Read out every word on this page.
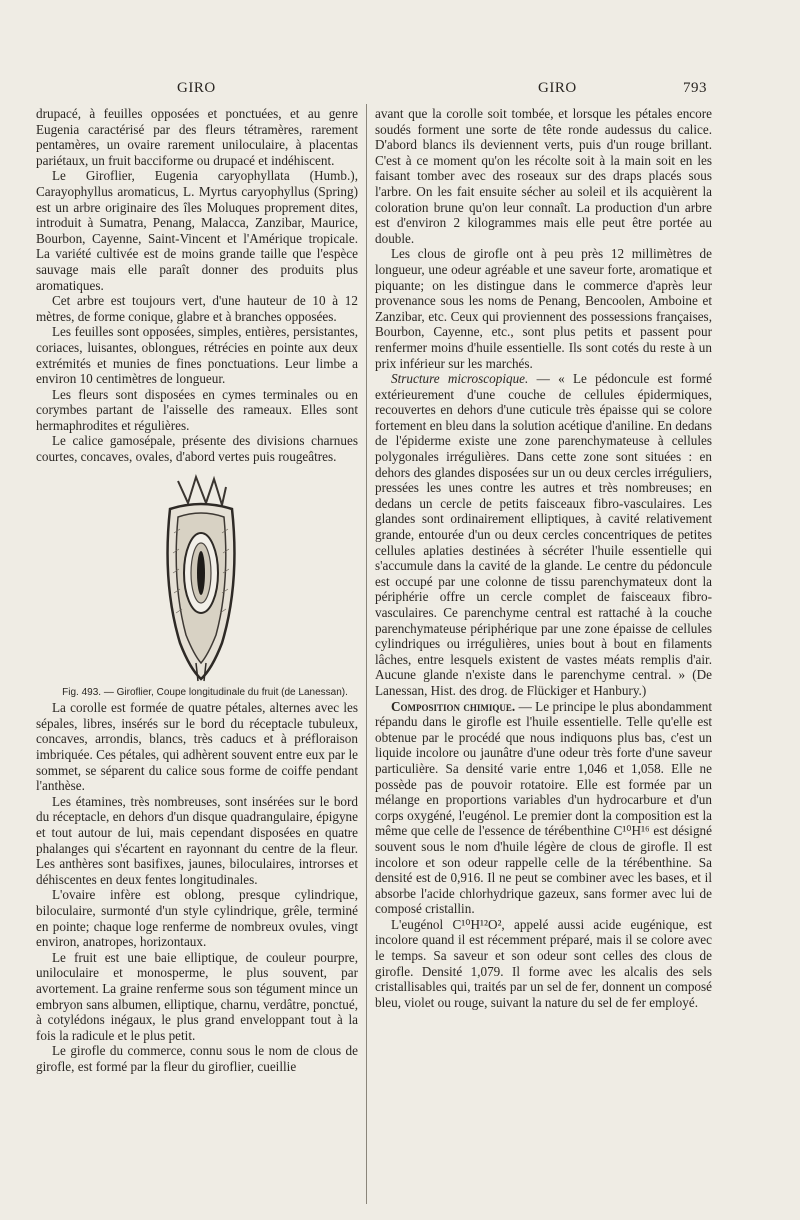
GIRO	GIRO	793

drupacé, à feuilles opposées et ponctuées, et au genre Eugenia caractérisé par des fleurs tétramères, rarement pentamères, un ovaire rarement uniloculaire, à placentas pariétaux, un fruit bacciforme ou drupacé et indéhiscent.

Le Giroflier, Eugenia caryophyllata (Humb.), Carayophyllus aromaticus, L. Myrtus caryophyllus (Spring) est un arbre originaire des îles Moluques proprement dites, introduit à Sumatra, Penang, Malacca, Zanzibar, Maurice, Bourbon, Cayenne, Saint-Vincent et l'Amérique tropicale. La variété cultivée est de moins grande taille que l'espèce sauvage mais elle paraît donner des produits plus aromatiques.

Cet arbre est toujours vert, d'une hauteur de 10 à 12 mètres, de forme conique, glabre et à branches opposées.

Les feuilles sont opposées, simples, entières, persistantes, coriaces, luisantes, oblongues, rétrécies en pointe aux deux extrémités et munies de fines ponctuations. Leur limbe a environ 10 centimètres de longueur.

Les fleurs sont disposées en cymes terminales ou en corymbes partant de l'aisselle des rameaux. Elles sont hermaphrodites et régulières.

Le calice gamosépale, présente des divisions charnues courtes, concaves, ovales, d'abord vertes puis rougeâtres.

Fig. 493. — Giroflier, Coupe longitudinale du fruit (de Lanessan).

La corolle est formée de quatre pétales, alternes avec les sépales, libres, insérés sur le bord du réceptacle tubuleux, concaves, arrondis, blancs, très caducs et à préfloraison imbriquée. Ces pétales, qui adhèrent souvent entre eux par le sommet, se séparent du calice sous forme de coiffe pendant l'anthèse.

Les étamines, très nombreuses, sont insérées sur le bord du réceptacle, en dehors d'un disque quadrangulaire, épigyne et tout autour de lui, mais cependant disposées en quatre phalanges qui s'écartent en rayonnant du centre de la fleur. Les anthères sont basifixes, jaunes, biloculaires, introrses et déhiscentes en deux fentes longitudinales.

L'ovaire infère est oblong, presque cylindrique, biloculaire, surmonté d'un style cylindrique, grêle, terminé en pointe; chaque loge renferme de nombreux ovules, vingt environ, anatropes, horizontaux.

Le fruit est une baie elliptique, de couleur pourpre, uniloculaire et monosperme, le plus souvent, par avortement. La graine renferme sous son tégument mince un embryon sans albumen, elliptique, charnu, verdâtre, ponctué, à cotylédons inégaux, le plus grand enveloppant tout à la fois la radicule et le plus petit.

Le girofle du commerce, connu sous le nom de clous de girofle, est formé par la fleur du giroflier, cueillie

avant que la corolle soit tombée, et lorsque les pétales encore soudés forment une sorte de tête ronde audessus du calice. D'abord blancs ils deviennent verts, puis d'un rouge brillant. C'est à ce moment qu'on les récolte soit à la main soit en les faisant tomber avec des roseaux sur des draps placés sous l'arbre. On les fait ensuite sécher au soleil et ils acquièrent la coloration brune qu'on leur connaît. La production d'un arbre est d'environ 2 kilogrammes mais elle peut être portée au double.

Les clous de girofle ont à peu près 12 millimètres de longueur, une odeur agréable et une saveur forte, aromatique et piquante; on les distingue dans le commerce d'après leur provenance sous les noms de Penang, Bencoolen, Amboine et Zanzibar, etc. Ceux qui proviennent des possessions françaises, Bourbon, Cayenne, etc., sont plus petits et passent pour renfermer moins d'huile essentielle. Ils sont cotés du reste à un prix inférieur sur les marchés.

Structure microscopique. — « Le pédoncule est formé extérieurement d'une couche de cellules épidermiques, recouvertes en dehors d'une cuticule très épaisse qui se colore fortement en bleu dans la solution acétique d'aniline. En dedans de l'épiderme existe une zone parenchymateuse à cellules polygonales irrégulières. Dans cette zone sont situées : en dehors des glandes disposées sur un ou deux cercles irréguliers, pressées les unes contre les autres et très nombreuses; en dedans un cercle de petits faisceaux fibro-vasculaires. Les glandes sont ordinairement elliptiques, à cavité relativement grande, entourée d'un ou deux cercles concentriques de petites cellules aplaties destinées à sécréter l'huile essentielle qui s'accumule dans la cavité de la glande. Le centre du pédoncule est occupé par une colonne de tissu parenchymateux dont la périphérie offre un cercle complet de faisceaux fibro-vasculaires. Ce parenchyme central est rattaché à la couche parenchymateuse périphérique par une zone épaisse de cellules cylindriques ou irrégulières, unies bout à bout en filaments lâches, entre lesquels existent de vastes méats remplis d'air. Aucune glande n'existe dans le parenchyme central. » (De Lanessan, Hist. des drog. de Flückiger et Hanbury.)

Composition chimique. — Le principe le plus abondamment répandu dans le girofle est l'huile essentielle. Telle qu'elle est obtenue par le procédé que nous indiquons plus bas, c'est un liquide incolore ou jaunâtre d'une odeur très forte d'une saveur particulière. Sa densité varie entre 1,046 et 1,058. Elle ne possède pas de pouvoir rotatoire. Elle est formée par un mélange en proportions variables d'un hydrocarbure et d'un corps oxygéné, l'eugénol. Le premier dont la composition est la même que celle de l'essence de térébenthine C¹⁰H¹⁶ est désigné souvent sous le nom d'huile légère de clous de girofle. Il est incolore et son odeur rappelle celle de la térébenthine. Sa densité est de 0,916. Il ne peut se combiner avec les bases, et il absorbe l'acide chlorhydrique gazeux, sans former avec lui de composé cristallin.

L'eugénol C¹⁰H¹²O², appelé aussi acide eugénique, est incolore quand il est récemment préparé, mais il se colore avec le temps. Sa saveur et son odeur sont celles des clous de girofle. Densité 1,079. Il forme avec les alcalis des sels cristallisables qui, traités par un sel de fer, donnent un composé bleu, violet ou rouge, suivant la nature du sel de fer employé.
